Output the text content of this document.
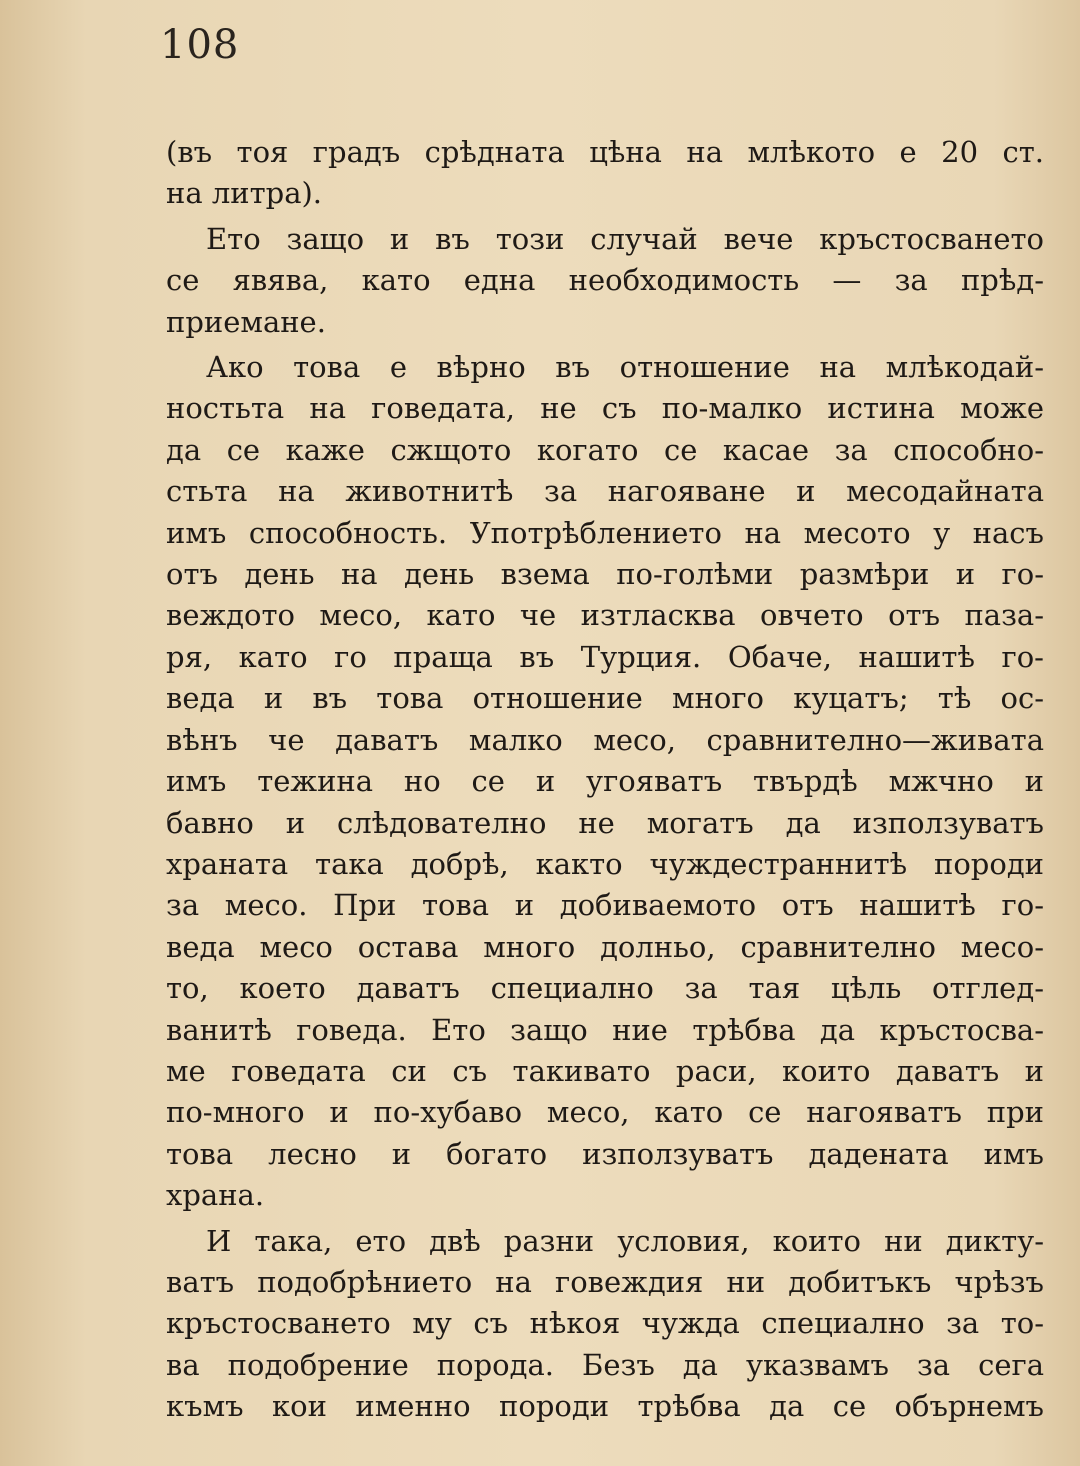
108

(въ тоя градъ срѣдната цѣна на млѣкото е 20 ст.
на литра).

Ето защо и въ този случай вече кръстосването
се явява, като една необходимость — за прѣд-
приемане.

Ако това е вѣрно въ отношение на млѣкодай-
ностьта на говедата, не съ по-малко истина може
да се каже сжщото когато се касае за способно-
стьта на животнитѣ за нагояване и месодайната
имъ способность. Употрѣблението на месото у насъ
отъ день на день взема по-голѣми размѣри и го-
веждото месо, като че изтласква овчето отъ паза-
ря, като го праща въ Турция. Обаче, нашитѣ го-
веда и въ това отношение много куцатъ; тѣ ос-
вѣнъ че даватъ малко месо, сравнително—живата
имъ тежина но се и угояватъ твърдѣ мжчно и
бавно и слѣдователно не могатъ да използуватъ
храната така добрѣ, както чуждестраннитѣ породи
за месо. При това и добиваемото отъ нашитѣ го-
веда месо остава много долньо, сравнително месо-
то, което даватъ специално за тая цѣль отглед-
ванитѣ говеда. Ето защо ние трѣбва да кръстосва-
ме говедата си съ такивато раси, които даватъ и
по-много и по-хубаво месо, като се нагояватъ при
това лесно и богато използуватъ дадената имъ
храна.

И така, ето двѣ разни условия, които ни дикту-
ватъ подобрѣнието на говеждия ни добитъкъ чрѣзъ
кръстосването му съ нѣкоя чужда специално за то-
ва подобрение порода. Безъ да указвамъ за сега
къмъ кои именно породи трѣбва да се обърнемъ
